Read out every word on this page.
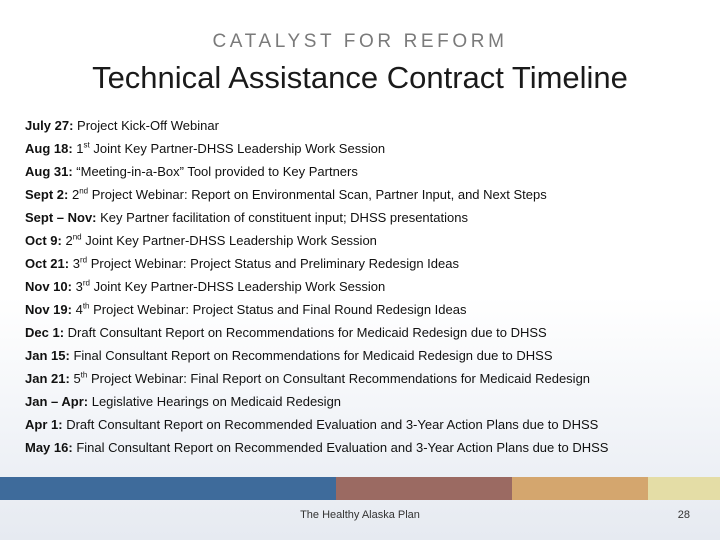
CATALYST FOR REFORM
Technical Assistance Contract Timeline
July 27: Project Kick-Off Webinar
Aug 18: 1st Joint Key Partner-DHSS Leadership Work Session
Aug 31: “Meeting-in-a-Box” Tool provided to Key Partners
Sept 2: 2nd Project Webinar: Report on Environmental Scan, Partner Input, and Next Steps
Sept – Nov: Key Partner facilitation of constituent input; DHSS presentations
Oct 9: 2nd Joint Key Partner-DHSS Leadership Work Session
Oct 21: 3rd Project Webinar: Project Status and Preliminary Redesign Ideas
Nov 10: 3rd Joint Key Partner-DHSS Leadership Work Session
Nov 19: 4th Project Webinar: Project Status and Final Round Redesign Ideas
Dec 1: Draft Consultant Report on Recommendations for Medicaid Redesign due to DHSS
Jan 15: Final Consultant Report on Recommendations for Medicaid Redesign due to DHSS
Jan 21: 5th Project Webinar: Final Report on Consultant Recommendations for Medicaid Redesign
Jan – Apr: Legislative Hearings on Medicaid Redesign
Apr 1: Draft Consultant Report on Recommended Evaluation and 3-Year Action Plans due to DHSS
May 16: Final Consultant Report on Recommended Evaluation and 3-Year Action Plans due to DHSS
The Healthy Alaska Plan	28
